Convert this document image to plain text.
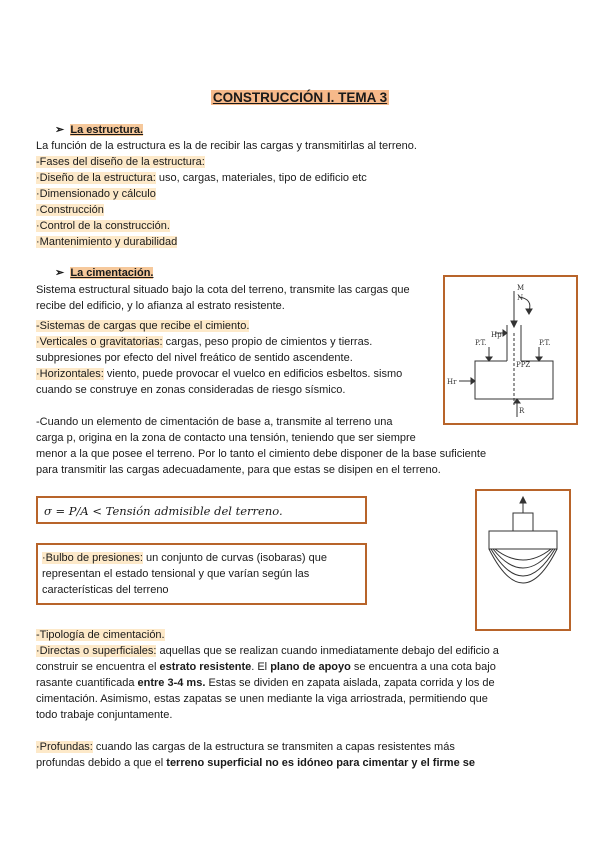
CONSTRUCCIÓN I. TEMA 3
➢ La estructura.
La función de la estructura es la de recibir las cargas y transmitirlas al terreno.
-Fases del diseño de la estructura:
·Diseño de la estructura: uso, cargas, materiales, tipo de edificio etc
·Dimensionado y cálculo
·Construcción
·Control de la construcción.
·Mantenimiento y durabilidad
➢ La cimentación.
Sistema estructural situado bajo la cota del terreno, transmite las cargas que
recibe del edificio, y lo afianza al estrato resistente.
-Sistemas de cargas que recibe el cimiento.
·Verticales o gravitatorias: cargas, peso propio de cimientos y tierras.
subpresiones por efecto del nivel freático de sentido ascendente.
·Horizontales: viento, puede provocar el vuelco en edificios esbeltos. sismo
cuando se construye en zonas consideradas de riesgo sísmico.
M
N
Hp
P.T.	P.T.
PPZ
Hr
R
-Cuando un elemento de cimentación de base a, transmite al terreno una
carga p, origina en la zona de contacto una tensión, teniendo que ser siempre
menor a la que posee el terreno. Por lo tanto el cimiento debe disponer de la base suficiente
para transmitir las cargas adecuadamente, para que estas se disipen en el terreno.
σ = P/A < Tensión admisible del terreno.
·Bulbo de presiones: un conjunto de curvas (isobaras) que
representan el estado tensional y que varían según las
características del terreno
-Tipología de cimentación.
·Directas o superficiales: aquellas que se realizan cuando inmediatamente debajo del edificio a
construir se encuentra el estrato resistente. El plano de apoyo se encuentra a una cota bajo
rasante cuantificada entre 3-4 ms. Estas se dividen en zapata aislada, zapata corrida y los de
cimentación. Asimismo, estas zapatas se unen mediante la viga arriostrada, permitiendo que
todo trabaje conjuntamente.
·Profundas: cuando las cargas de la estructura se transmiten a capas resistentes más
profundas debido a que el terreno superficial no es idóneo para cimentar y el firme se
